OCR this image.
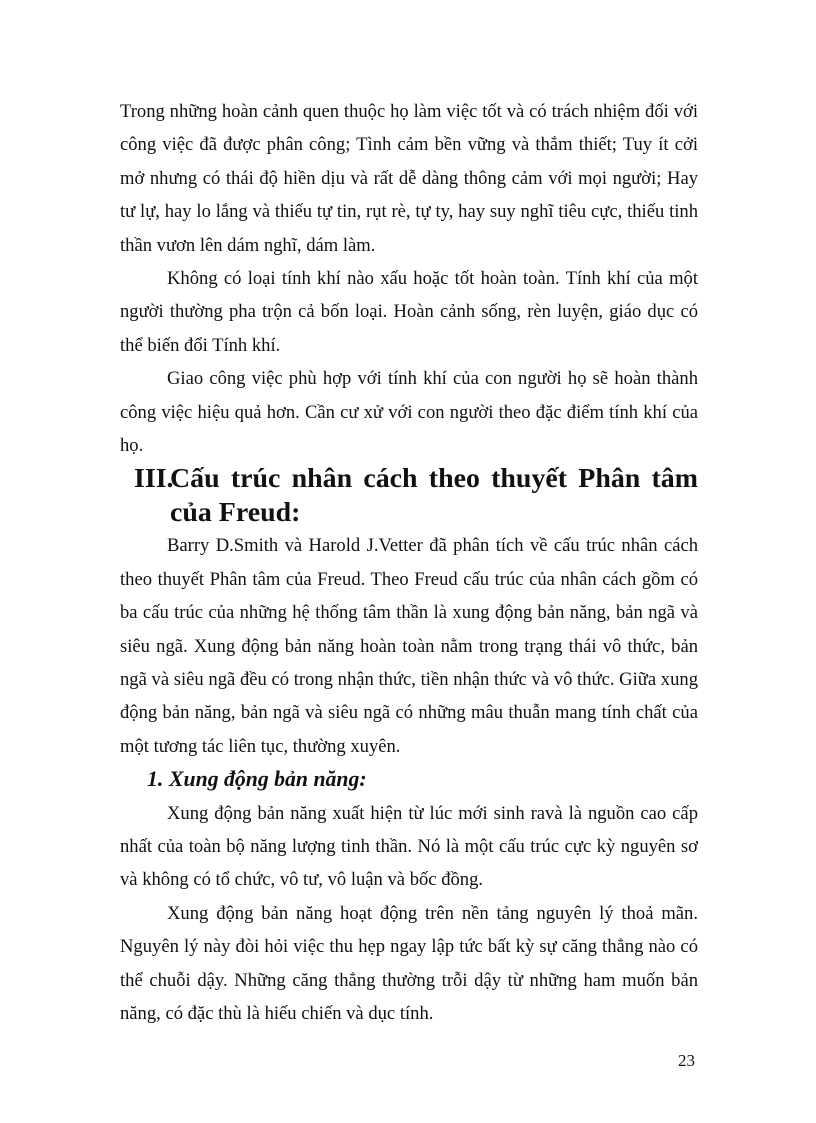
Trong những hoàn cảnh quen thuộc họ làm việc tốt và có trách nhiệm đối với công việc đã được phân công; Tình cảm bền vững và thắm thiết; Tuy ít cởi mở nhưng có thái độ hiền dịu và rất dễ dàng thông cảm với mọi người; Hay tư lự, hay lo lắng và thiếu tự tin, rụt rè, tự ty, hay suy nghĩ tiêu cực, thiếu tinh thần vươn lên dám nghĩ, dám làm.

Không có loại tính khí nào xấu hoặc tốt hoàn toàn. Tính khí của một người thường pha trộn cả bốn loại. Hoàn cảnh sống, rèn luyện, giáo dục có thể biến đổi Tính khí.

Giao công việc phù hợp với tính khí của con người họ sẽ hoàn thành công việc hiệu quả hơn. Cần cư xử với con người theo đặc điểm tính khí của họ.

III.
Cấu trúc nhân cách theo thuyết Phân tâm của Freud:

Barry D.Smith và Harold J.Vetter đã phân tích về cấu trúc nhân cách theo thuyết Phân tâm của Freud. Theo Freud cấu trúc của nhân cách gồm có ba cấu trúc của những hệ thống tâm thần là xung động bản năng, bản ngã và siêu ngã. Xung động bản năng hoàn toàn nằm trong trạng thái vô thức, bản ngã và siêu ngã đều có trong nhận thức, tiền nhận thức và vô thức. Giữa xung động bản năng, bản ngã và siêu ngã có những mâu thuẫn mang tính chất của một tương tác liên tục, thường xuyên.

1. Xung động bản năng:

Xung động bản năng xuất hiện từ lúc mới sinh ravà là nguồn cao cấp nhất của toàn bộ năng lượng tinh thần. Nó là một cấu trúc cực kỳ nguyên sơ và không có tổ chức, vô tư, vô luận và bốc đồng.

Xung động bản năng hoạt động trên nền tảng nguyên lý thoả mãn. Nguyên lý này đòi hỏi việc thu hẹp ngay lập tức bất kỳ sự căng thẳng nào có thể chuỗi dậy. Những căng thẳng thường trỗi dậy từ những ham muốn bản năng, có đặc thù là hiếu chiến và dục tính.

23
